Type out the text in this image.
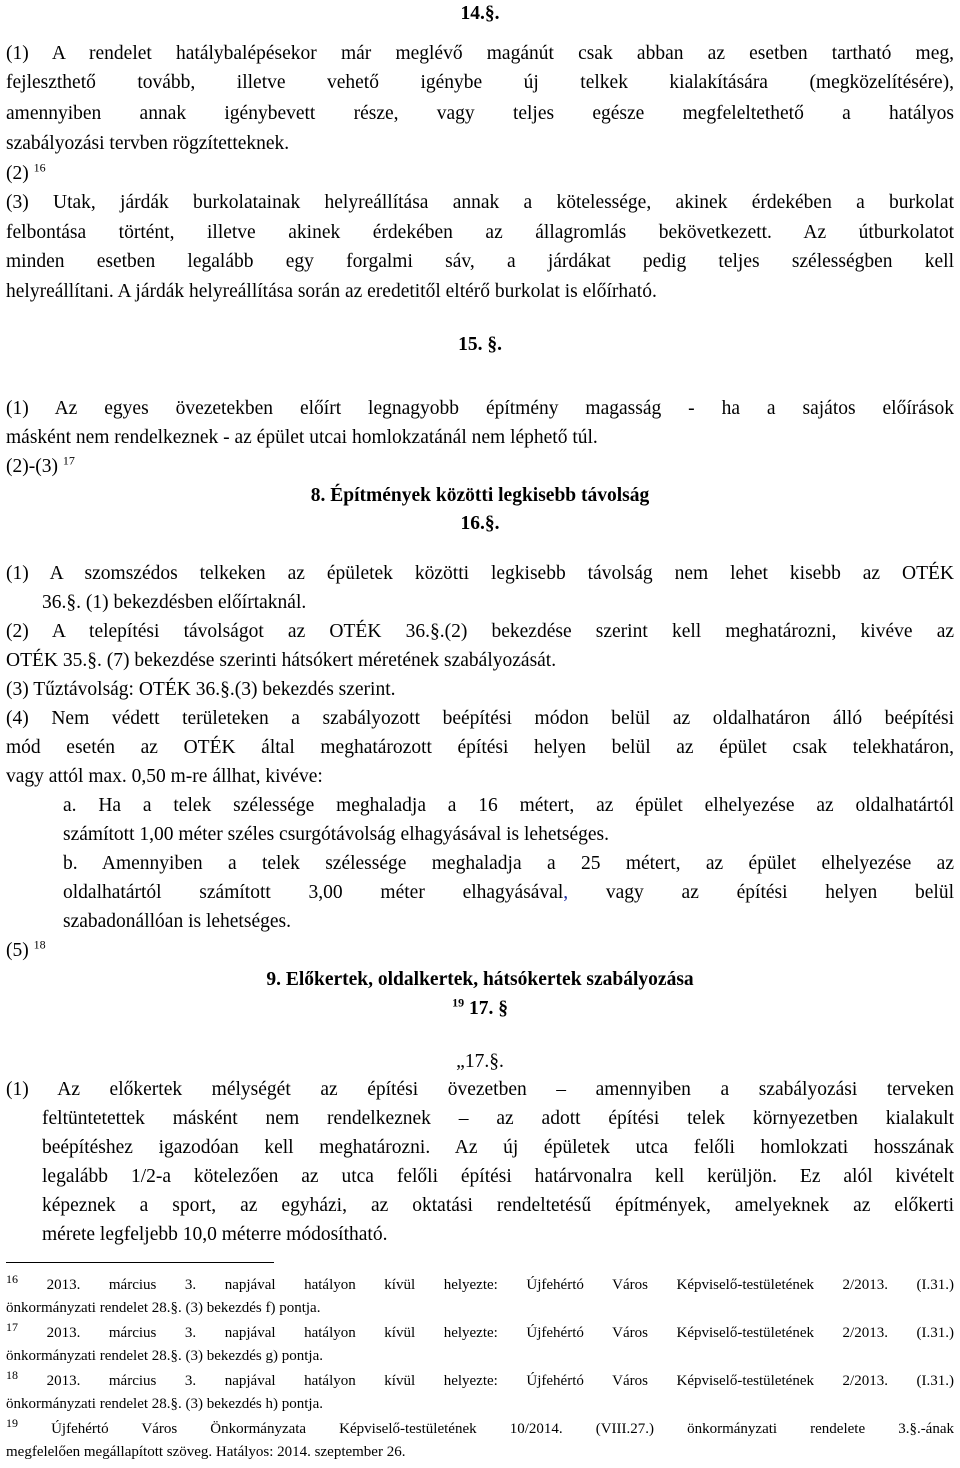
14.§.
(1) A rendelet hatálybalépésekor már meglévő magánút csak abban az esetben tartható meg,
fejleszthető tovább, illetve vehető igénybe új telkek kialakítására (megközelítésére),
amennyiben annak igénybevett része, vagy teljes egésze megfeleltethető a hatályos
szabályozási tervben rögzítetteknek.
(2) $^{16}$
(3) Utak, járdák burkolatainak helyreállítása annak a kötelessége, akinek érdekében a burkolat
felbontása történt, illetve akinek érdekében az állagromlás bekövetkezett. Az útburkolatot
minden esetben legalább egy forgalmi sáv, a járdákat pedig teljes szélességben kell
helyreállítani. A járdák helyreállítása során az eredetitől eltérő burkolat is előírható.
15. §.
(1) Az egyes övezetekben előírt legnagyobb építmény magasság - ha a sajátos előírások
másként nem rendelkeznek - az épület utcai homlokzatánál nem léphető túl.
(2)-(3) $^{17}$
8. Építmények közötti legkisebb távolság
16.§.
(1) A szomszédos telkeken az épületek közötti legkisebb távolság nem lehet kisebb az OTÉK
36.§. (1) bekezdésben előírtaknál.
(2) A telepítési távolságot az OTÉK 36.§.(2) bekezdése szerint kell meghatározni, kivéve az
OTÉK 35.§. (7) bekezdése szerinti hátsókert méretének szabályozását.
(3) Tűztávolság: OTÉK 36.§.(3) bekezdés szerint.
(4) Nem védett területeken a szabályozott beépítési módon belül az oldalhatáron álló beépítési
mód esetén az OTÉK által meghatározott építési helyen belül az épület csak telekhatáron,
vagy attól max. 0,50 m-re állhat, kivéve:
a. Ha a telek szélessége meghaladja a 16 métert, az épület elhelyezése az oldalhatártól
számított 1,00 méter széles csurgótávolság elhagyásával is lehetséges.
b. Amennyiben a telek szélessége meghaladja a 25 métert, az épület elhelyezése az
oldalhatártól számított 3,00 méter elhagyásával, vagy az építési helyen belül
szabadonállóan is lehetséges.
(5) $^{18}$
9. Előkertek, oldalkertek, hátsókertek szabályozása
$^{19}$ 17. §
„17.§.
(1) Az előkertek mélységét az építési övezetben – amennyiben a szabályozási terveken
feltüntetettek másként nem rendelkeznek – az adott építési telek környezetben kialakult
beépítéshez igazodóan kell meghatározni. Az új épületek utca felőli homlokzati hosszának
legalább 1/2-a kötelezően az utca felőli építési határvonalra kell kerüljön. Ez alól kivételt
képeznek a sport, az egyházi, az oktatási rendeltetésű építmények, amelyeknek az előkerti
mérete legfeljebb 10,0 méterre módosítható.
$^{16}$ 2013. március 3. napjával hatályon kívül helyezte: Újfehértó Város Képviselő-testületének 2/2013. (I.31.)
önkormányzati rendelet 28.§. (3) bekezdés f) pontja.
$^{17}$ 2013. március 3. napjával hatályon kívül helyezte: Újfehértó Város Képviselő-testületének 2/2013. (I.31.)
önkormányzati rendelet 28.§. (3) bekezdés g) pontja.
$^{18}$ 2013. március 3. napjával hatályon kívül helyezte: Újfehértó Város Képviselő-testületének 2/2013. (I.31.)
önkormányzati rendelet 28.§. (3) bekezdés h) pontja.
$^{19}$ Újfehértó Város Önkormányzata Képviselő-testületének 10/2014. (VIII.27.) önkormányzati rendelete 3.§.-ának
megfelelően megállapított szöveg. Hatályos: 2014. szeptember 26.
